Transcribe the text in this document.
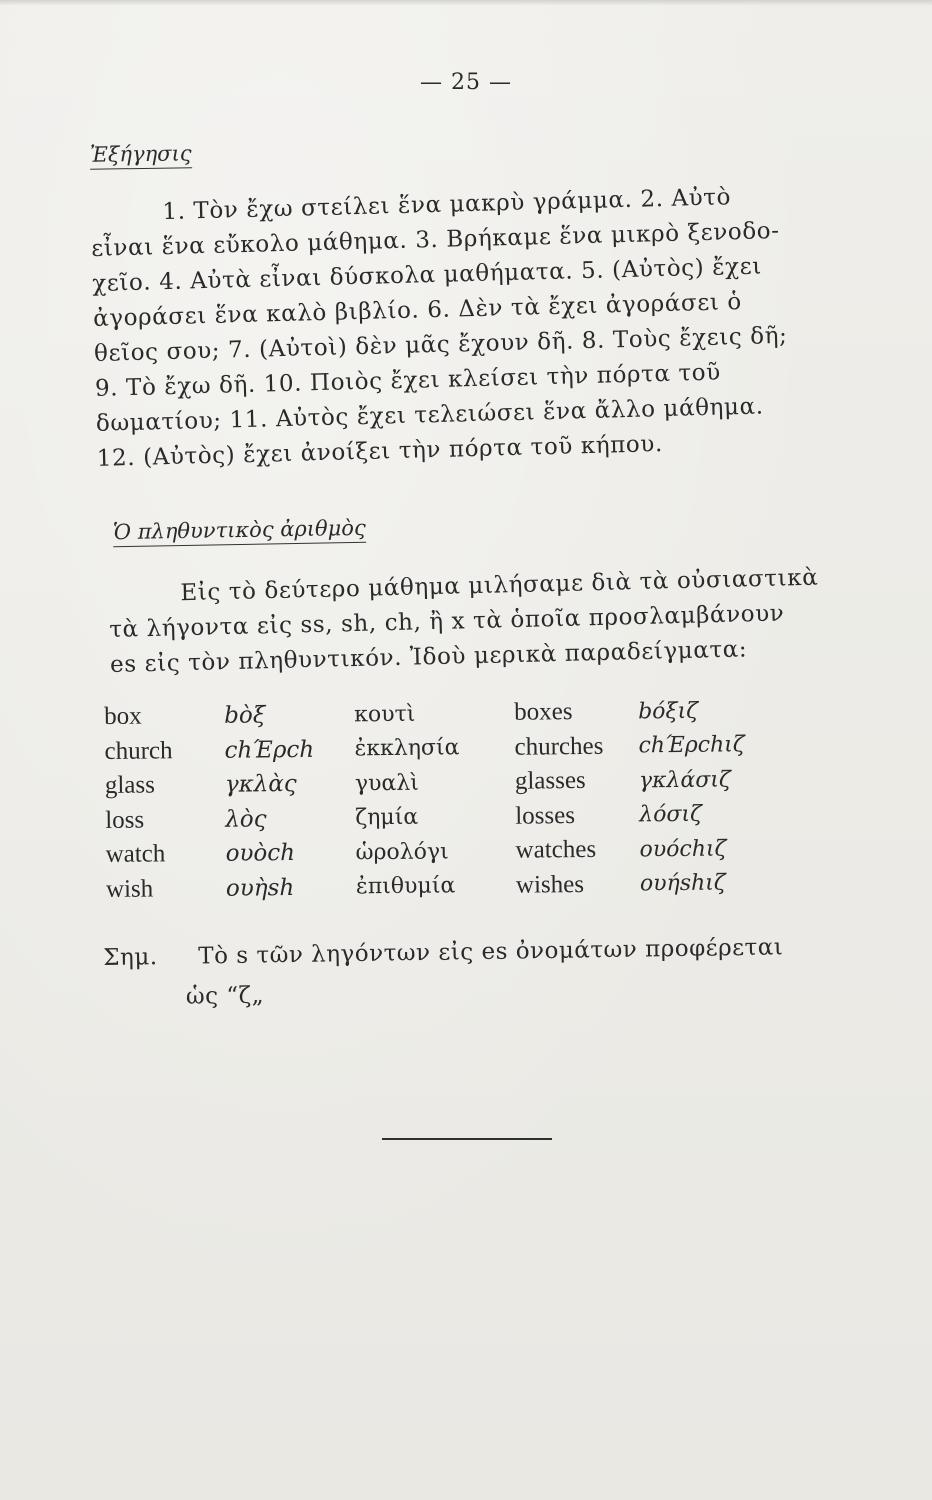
— 25 —
Ἐξήγησις
1. Τὸν ἔχω στείλει ἕνα μακρὺ γράμμα. 2. Αὐτὸ
εἶναι ἕνα εὔκολο μάθημα. 3. Βρήκαμε ἕνα μικρὸ ξενοδο-
χεῖο. 4. Αὐτὰ εἶναι δύσκολα μαθήματα. 5. (Αὐτὸς) ἔχει
ἀγοράσει ἕνα καλὸ βιβλίο. 6. Δὲν τὰ ἔχει ἀγοράσει ὁ
θεῖος σου; 7. (Αὐτοὶ) δὲν μᾶς ἔχουν δῆ. 8. Τοὺς ἔχεις δῆ;
9. Τὸ ἔχω δῆ. 10. Ποιὸς ἔχει κλείσει τὴν πόρτα τοῦ
δωματίου; 11. Αὐτὸς ἔχει τελειώσει ἕνα ἄλλο μάθημα.
12. (Αὐτὸς) ἔχει ἀνοίξει τὴν πόρτα τοῦ κήπου.
Ὁ πληθυντικὸς ἀριθμὸς
Εἰς τὸ δεύτερο μάθημα μιλήσαμε διὰ τὰ οὐσιαστικὰ
τὰ λήγοντα εἰς ss, sh, ch, ἢ x τὰ ὁποῖα προσλαμβάνουν
es εἰς τὸν πληθυντικόν. Ἰδοὺ μερικὰ παραδείγματα:
box	bὸξ	κουτὶ	boxes	bόξιζ
church	chΈρch	ἐκκλησία	churches	chΈρchιζ
glass	γκλὰς	γυαλὶ	glasses	γκλάσιζ
loss	λὸς	ζημία	losses	λόσιζ
watch	ουὸch	ὡρολόγι	watches	ουόchιζ
wish	ουὴsh	ἐπιθυμία	wishes	ουήshιζ
Σημ. Τὸ s τῶν ληγόντων εἰς es ὀνομάτων προφέρεται
ὡς “ζ„
